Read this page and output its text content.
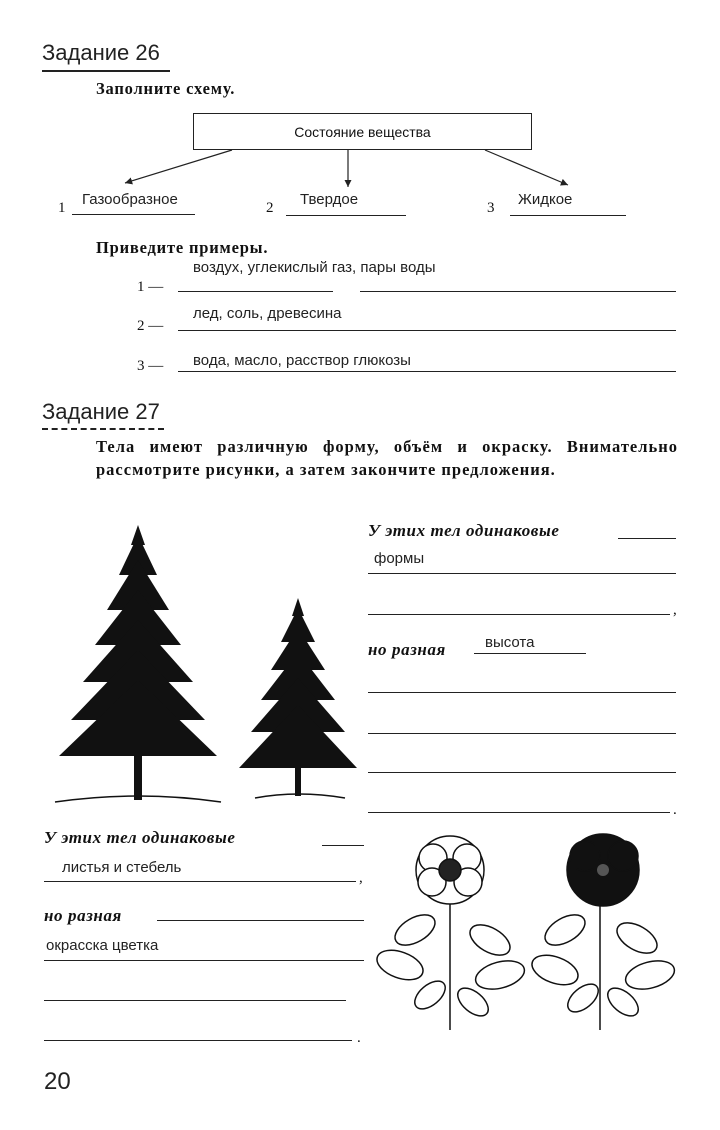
Задание 26
Заполните схему.
Состояние вещества
1 Газообразное	2 Твердое	3 Жидкое
Приведите примеры.
1 —
воздух, углекислый газ, пары воды
2 —
лед, соль, древесина
3 — вода, масло, расствор глюкозы
Задание 27
Тела имеют различную форму, объём и окраску. Внимательно рассмотрите рисунки, а затем закончите предложения.
У этих тел одинаковые
формы
,
но разная	высота
.
У этих тел одинаковые
листья и стебель
,
но разная
окрасска цветка
.
20
